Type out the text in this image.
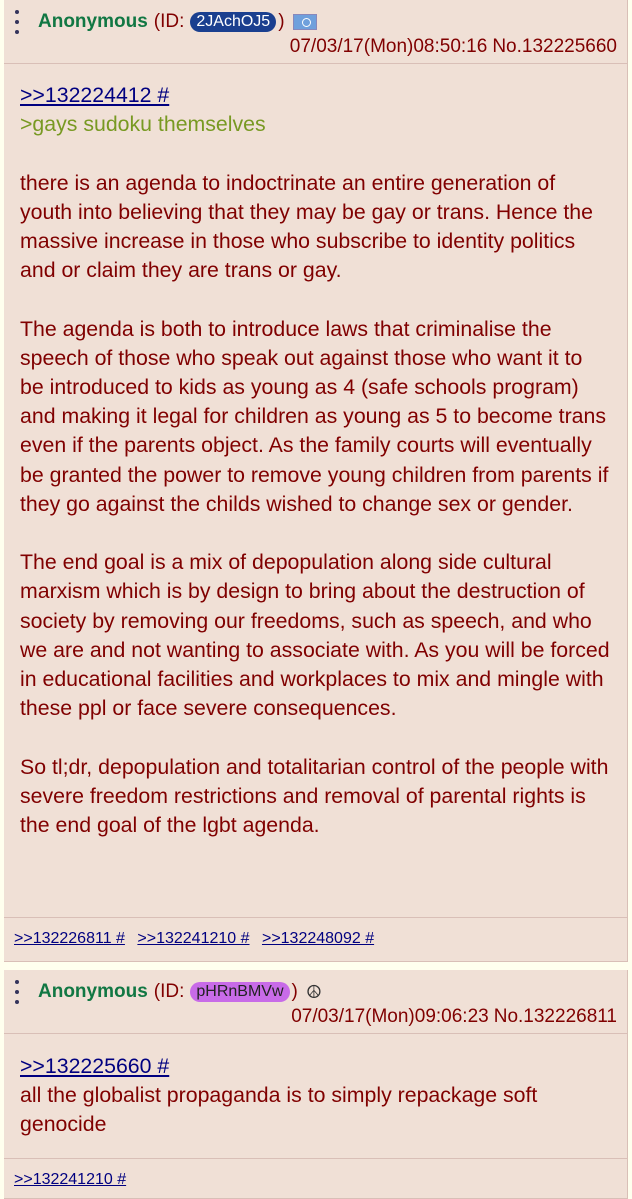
Anonymous (ID: 2JAchOJ5 )
07/03/17(Mon)08:50:16 No.132225660
>>132224412 #
>gays sudoku themselves
there is an agenda to indoctrinate an entire generation of youth into believing that they may be gay or trans. Hence the massive increase in those who subscribe to identity politics and or claim they are trans or gay.
The agenda is both to introduce laws that criminalise the speech of those who speak out against those who want it to be introduced to kids as young as 4 (safe schools program) and making it legal for children as young as 5 to become trans even if the parents object. As the family courts will eventually be granted the power to remove young children from parents if they go against the childs wished to change sex or gender.
The end goal is a mix of depopulation along side cultural marxism which is by design to bring about the destruction of society by removing our freedoms, such as speech, and who we are and not wanting to associate with. As you will be forced in educational facilities and workplaces to mix and mingle with these ppl or face severe consequences.
So tl;dr, depopulation and totalitarian control of the people with severe freedom restrictions and removal of parental rights is the end goal of the lgbt agenda.
>>132226811 # >>132241210 # >>132248092 #
Anonymous (ID: pHRnBMVw ) ☮
07/03/17(Mon)09:06:23 No.132226811
>>132225660 #
all the globalist propaganda is to simply repackage soft genocide
>>132241210 #
